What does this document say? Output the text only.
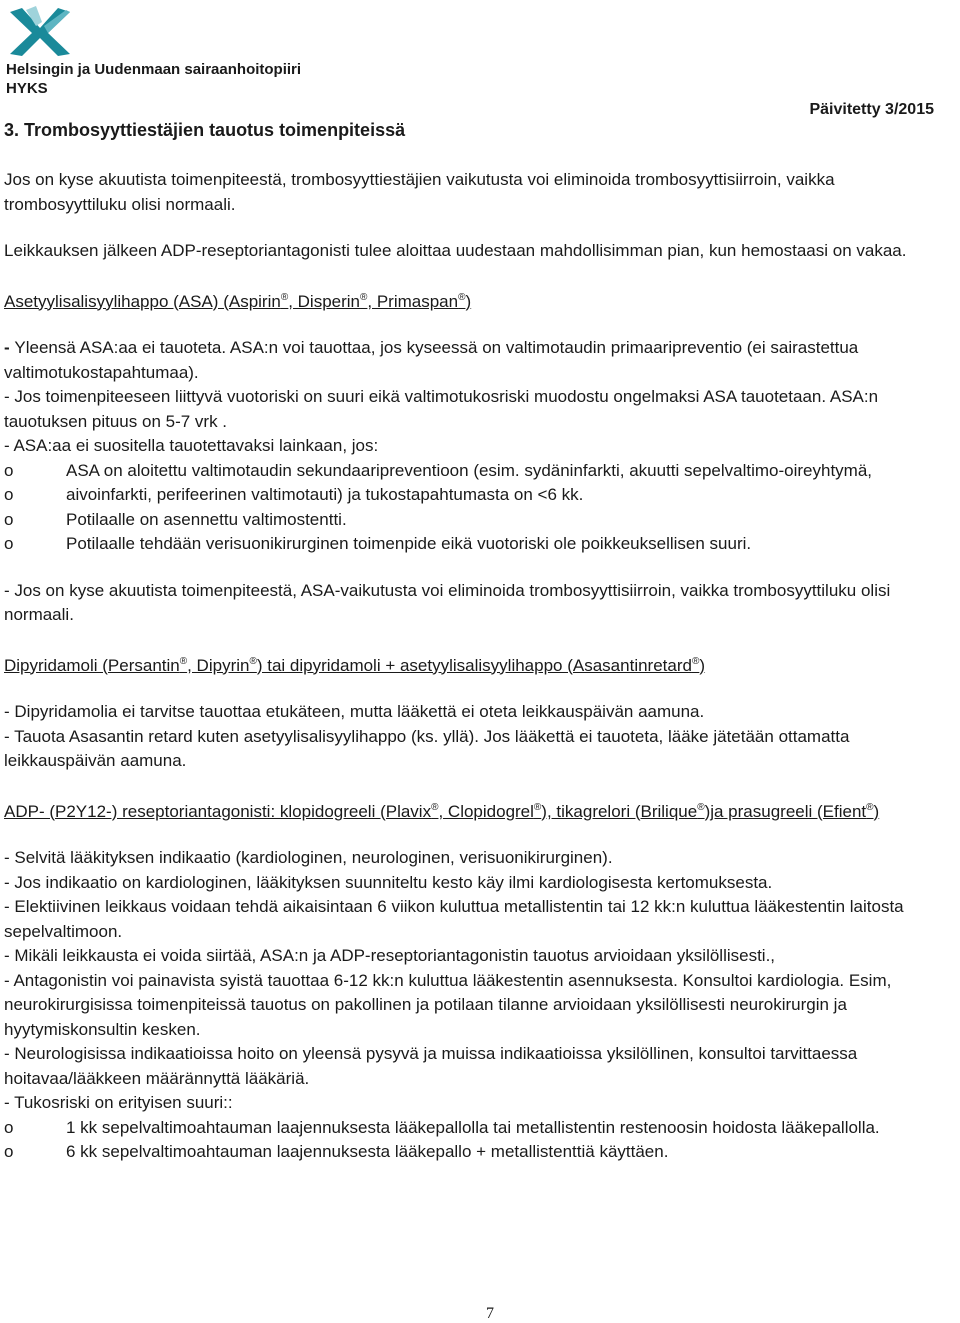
Helsingin ja Uudenmaan sairaanhoitopiiri
HYKS
Päivitetty 3/2015
3. Trombosyyttiestäjien tauotus toimenpiteissä

Jos on kyse akuutista toimenpiteestä, trombosyyttiestäjien vaikutusta voi eliminoida trombosyyttisiirroin, vaikka trombosyyttiluku olisi normaali.

Leikkauksen jälkeen ADP-reseptoriantagonisti tulee aloittaa uudestaan mahdollisimman pian, kun hemostaasi on vakaa.

Asetyylisalisyylihappo (ASA) (Aspirin®, Disperin®, Primaspan®)

- Yleensä ASA:aa ei tauoteta. ASA:n voi tauottaa, jos kyseessä on valtimotaudin primaaripreventio (ei sairastettua valtimotukostapahtumaa).

- Jos toimenpiteeseen liittyvä vuotoriski on suuri eikä valtimotukosriski muodostu ongelmaksi ASA tauotetaan. ASA:n tauotuksen pituus on 5-7 vrk .

- ASA:aa ei suositella tauotettavaksi lainkaan, jos:

o	ASA on aloitettu valtimotaudin sekundaaripreventioon (esim. sydäninfarkti, akuutti sepelvaltimo-oireyhtymä,
o	aivoinfarkti, perifeerinen valtimotauti) ja tukostapahtumasta on <6 kk.
o	Potilaalle on asennettu valtimostentti.
o	Potilaalle tehdään verisuonikirurginen toimenpide eikä vuotoriski ole poikkeuksellisen suuri.

- Jos on kyse akuutista toimenpiteestä, ASA-vaikutusta voi eliminoida trombosyyttisiirroin, vaikka trombosyyttiluku olisi normaali.

Dipyridamoli (Persantin®, Dipyrin®) tai dipyridamoli + asetyylisalisyylihappo (Asasantinretard®)

- Dipyridamolia ei tarvitse tauottaa etukäteen, mutta lääkettä ei oteta leikkauspäivän aamuna.

- Tauota Asasantin retard kuten asetyylisalisyylihappo (ks. yllä). Jos lääkettä ei tauoteta, lääke jätetään ottamatta leikkauspäivän aamuna.

ADP- (P2Y12-) reseptoriantagonisti: klopidogreeli (Plavix®, Clopidogrel®), tikagrelori (Brilique®)ja prasugreeli (Efient®)

- Selvitä lääkityksen indikaatio (kardiologinen, neurologinen, verisuonikirurginen).

- Jos indikaatio on kardiologinen, lääkityksen suunniteltu kesto käy ilmi kardiologisesta kertomuksesta.

- Elektiivinen leikkaus voidaan tehdä aikaisintaan 6 viikon kuluttua metallistentin tai 12 kk:n kuluttua lääkestentin laitosta sepelvaltimoon.

- Mikäli leikkausta ei voida siirtää, ASA:n ja ADP-reseptoriantagonistin tauotus arvioidaan yksilöllisesti.,

- Antagonistin voi painavista syistä tauottaa 6-12 kk:n kuluttua lääkestentin asennuksesta. Konsultoi kardiologia. Esim, neurokirurgisissa toimenpiteissä tauotus on pakollinen ja potilaan tilanne arvioidaan yksilöllisesti neurokirurgin ja hyytymiskonsultin kesken.

- Neurologisissa indikaatioissa hoito on yleensä pysyvä ja muissa indikaatioissa yksilöllinen, konsultoi tarvittaessa hoitavaa/lääkkeen määrännyttä lääkäriä.

- Tukosriski on erityisen suuri::

o	1 kk sepelvaltimoahtauman laajennuksesta lääkepallolla tai metallistentin restenoosin hoidosta lääkepallolla.
o	6 kk sepelvaltimoahtauman laajennuksesta lääkepallo + metallistenttiä käyttäen.
7
